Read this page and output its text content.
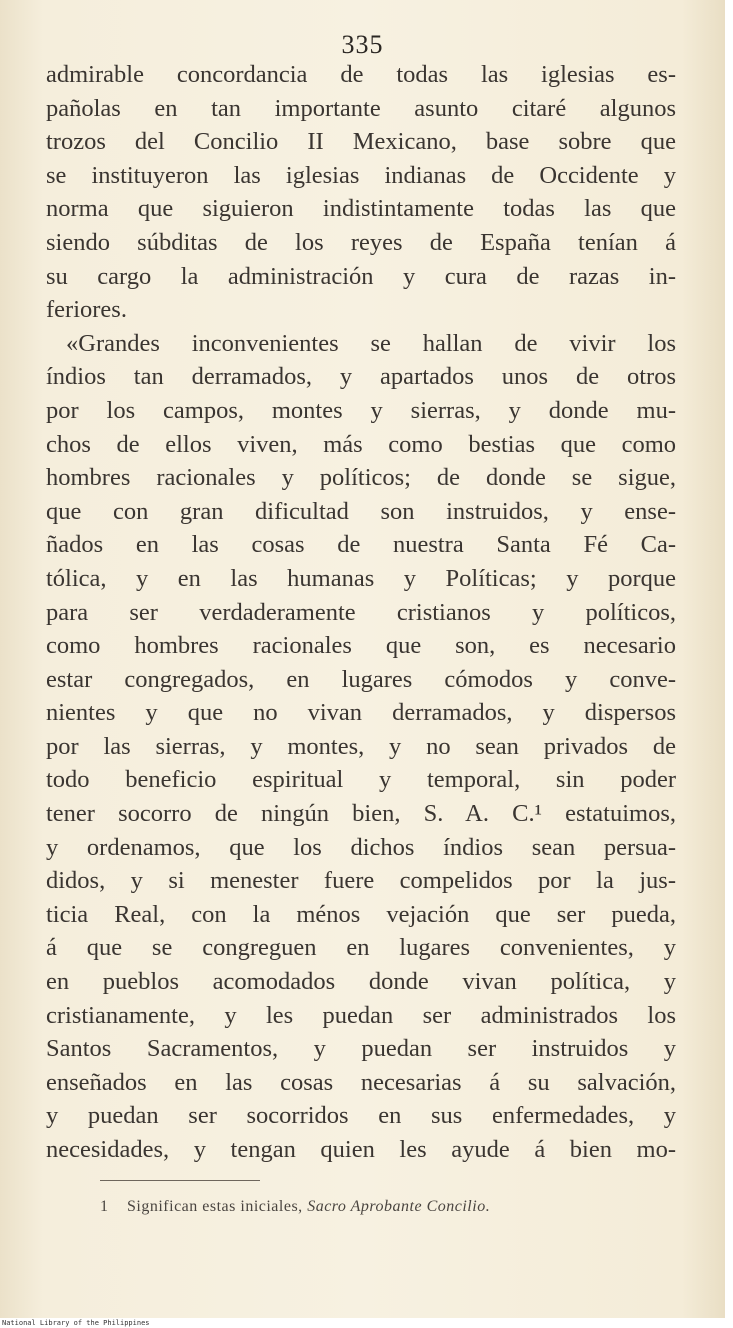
335
admirable concordancia de todas las iglesias es-
pañolas en tan importante asunto citaré algunos
trozos del Concilio II Mexicano, base sobre que
se instituyeron las iglesias indianas de Occidente y
norma que siguieron indistintamente todas las que
siendo súbditas de los reyes de España tenían á
su cargo la administración y cura de razas in-
feriores.
«Grandes inconvenientes se hallan de vivir los
índios tan derramados, y apartados unos de otros
por los campos, montes y sierras, y donde mu-
chos de ellos viven, más como bestias que como
hombres racionales y políticos; de donde se sigue,
que con gran dificultad son instruidos, y ense-
ñados en las cosas de nuestra Santa Fé Ca-
tólica, y en las humanas y Políticas; y porque
para ser verdaderamente cristianos y políticos,
como hombres racionales que son, es necesario
estar congregados, en lugares cómodos y conve-
nientes y que no vivan derramados, y dispersos
por las sierras, y montes, y no sean privados de
todo beneficio espiritual y temporal, sin poder
tener socorro de ningún bien, S. A. C.¹ estatuimos,
y ordenamos, que los dichos índios sean persua-
didos, y si menester fuere compelidos por la jus-
ticia Real, con la ménos vejación que ser pueda,
á que se congreguen en lugares convenientes, y
en pueblos acomodados donde vivan política, y
cristianamente, y les puedan ser administrados los
Santos Sacramentos, y puedan ser instruidos y
enseñados en las cosas necesarias á su salvación,
y puedan ser socorridos en sus enfermedades, y
necesidades, y tengan quien les ayude á bien mo-
1 Significan estas iniciales, Sacro Aprobante Concilio.
National Library of the Philippines
